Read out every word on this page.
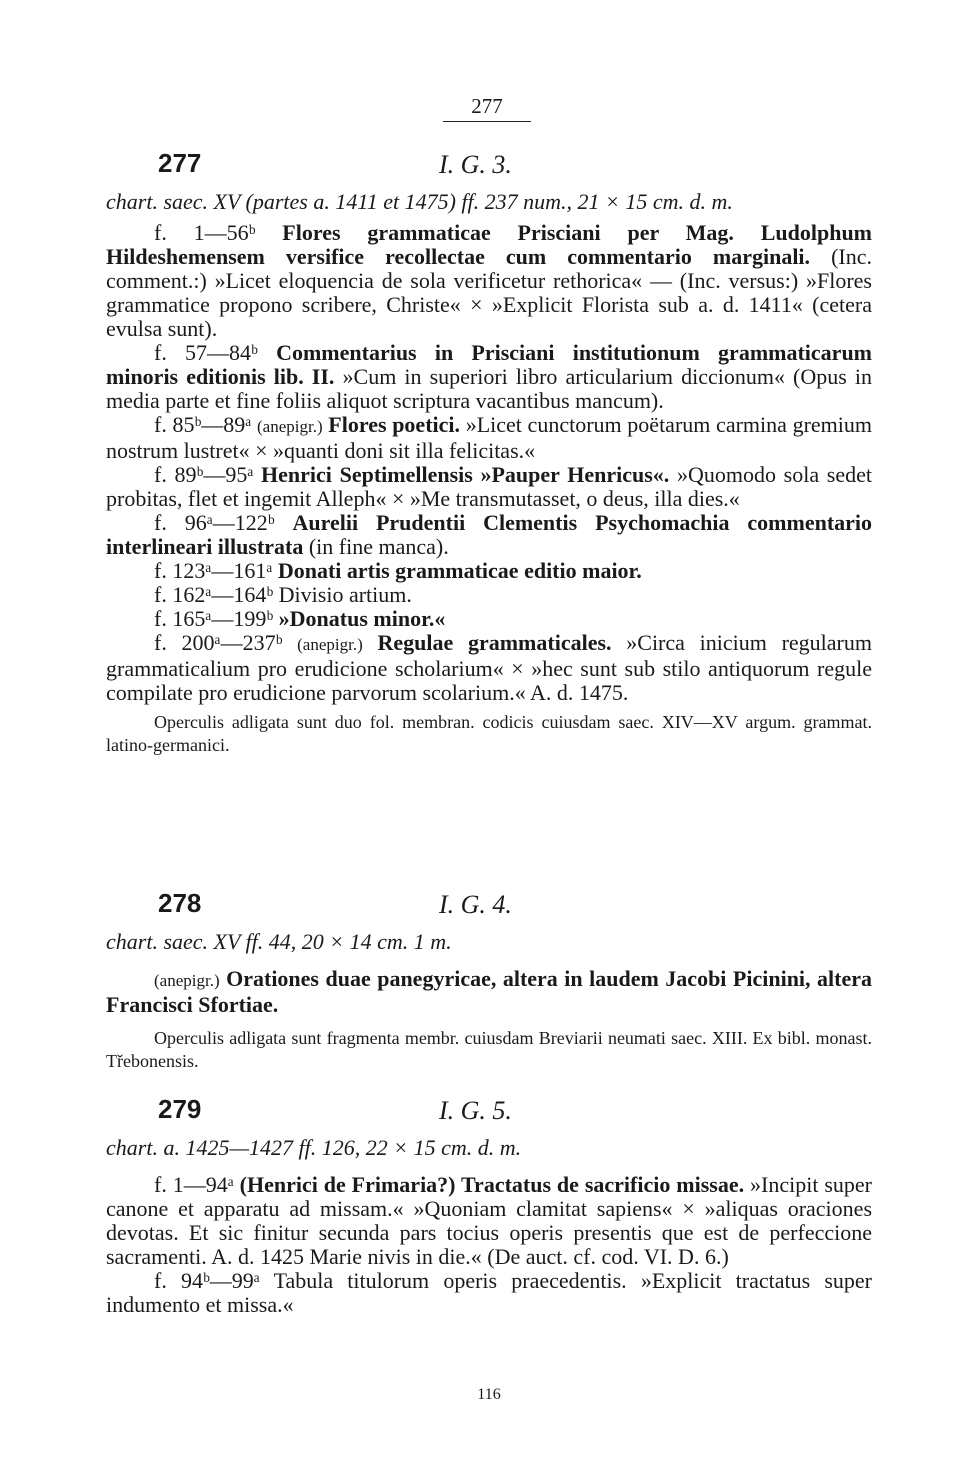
277
277	I. G. 3.

chart. saec. XV (partes a. 1411 et 1475) ff. 237 num., 21 × 15 cm. d. m.

f. 1—56ᵇ Flores grammaticae Prisciani per Mag. Ludolphum Hildeshemensem versifice recollectae cum commentario marginali. (Inc. comment.:) »Licet eloquencia de sola verificetur rethorica« — (Inc. versus:) »Flores grammatice propono scribere, Christe« × »Explicit Florista sub a. d. 1411« (cetera evulsa sunt).

f. 57—84ᵇ Commentarius in Prisciani institutionum grammaticarum minoris editionis lib. II. »Cum in superiori libro articularium diccionum« (Opus in media parte et fine foliis aliquot scriptura vacantibus mancum).

f. 85ᵇ—89ᵃ (anepigr.) Flores poetici. »Licet cunctorum poëtarum carmina gremium nostrum lustret« × »quanti doni sit illa felicitas.«

f. 89ᵇ—95ᵃ Henrici Septimellensis »Pauper Henricus«. »Quomodo sola sedet probitas, flet et ingemit Alleph« × »Me transmutasset, o deus, illa dies.«

f. 96ᵃ—122ᵇ Aurelii Prudentii Clementis Psychomachia commentario interlineari illustrata (in fine manca).

f. 123ᵃ—161ᵃ Donati artis grammaticae editio maior.

f. 162ᵃ—164ᵇ Divisio artium.

f. 165ᵃ—199ᵇ »Donatus minor.«

f. 200ᵃ—237ᵇ (anepigr.) Regulae grammaticales. »Circa inicium regularum grammaticalium pro erudicione scholarium« × »hec sunt sub stilo antiquorum regule compilate pro erudicione parvorum scolarium.« A. d. 1475.

Operculis adligata sunt duo fol. membran. codicis cuiusdam saec. XIV—XV argum. grammat. latino-germanici.

278	I. G. 4.

chart. saec. XV ff. 44, 20 × 14 cm. 1 m.

(anepigr.) Orationes duae panegyricae, altera in laudem Jacobi Picinini, altera Francisci Sfortiae.

Operculis adligata sunt fragmenta membr. cuiusdam Breviarii neumati saec. XIII. Ex bibl. monast. Třebonensis.

279	I. G. 5.

chart. a. 1425—1427 ff. 126, 22 × 15 cm. d. m.

f. 1—94ᵃ (Henrici de Frimaria?) Tractatus de sacrificio missae. »Incipit super canone et apparatu ad missam.« »Quoniam clamitat sapiens« × »aliquas oraciones devotas. Et sic finitur secunda pars tocius operis presentis que est de perfeccione sacramenti. A. d. 1425 Marie nivis in die.« (De auct. cf. cod. VI. D. 6.)

f. 94ᵇ—99ᵃ Tabula titulorum operis praecedentis. »Explicit tractatus super indumento et missa.«

116
